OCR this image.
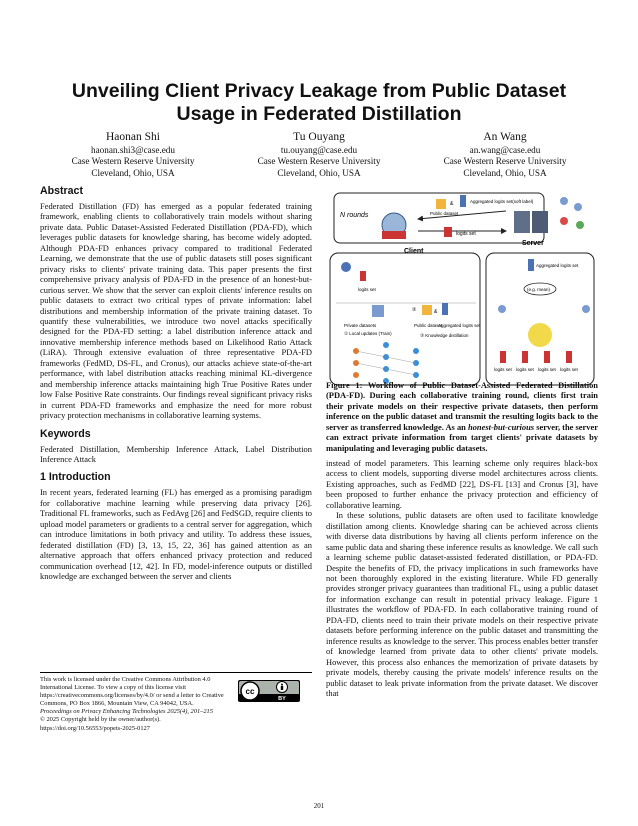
Unveiling Client Privacy Leakage from Public Dataset Usage in Federated Distillation
Haonan Shi
haonan.shi3@case.edu
Case Western Reserve University
Cleveland, Ohio, USA
Tu Ouyang
tu.ouyang@case.edu
Case Western Reserve University
Cleveland, Ohio, USA
An Wang
an.wang@case.edu
Case Western Reserve University
Cleveland, Ohio, USA
Abstract

Federated Distillation (FD) has emerged as a popular federated training framework, enabling clients to collaboratively train models without sharing private data. Public Dataset-Assisted Federated Distillation (PDA-FD), which leverages public datasets for knowledge sharing, has become widely adopted. Although PDA-FD enhances privacy compared to traditional Federated Learning, we demonstrate that the use of public datasets still poses significant privacy risks to clients' private training data. This paper presents the first comprehensive privacy analysis of PDA-FD in the presence of an honest-but-curious server. We show that the server can exploit clients' inference results on public datasets to extract two critical types of private information: label distributions and membership information of the private training dataset. To quantify these vulnerabilities, we introduce two novel attacks specifically designed for the PDA-FD setting: a label distribution inference attack and innovative membership inference methods based on Likelihood Ratio Attack (LiRA). Through extensive evaluation of three representative PDA-FD frameworks (FedMD, DS-FL, and Cronus), our attacks achieve state-of-the-art performance, with label distribution attacks reaching minimal KL-divergence and membership inference attacks maintaining high True Positive Rates under low False Positive Rate constraints. Our findings reveal significant privacy risks in current PDA-FD frameworks and emphasize the need for more robust privacy protection mechanisms in collaborative learning systems.

Keywords

Federated Distillation, Membership Inference Attack, Label Distribution Inference Attack

1 Introduction

In recent years, federated learning (FL) has emerged as a promising paradigm for collaborative machine learning while preserving data privacy [26]. Traditional FL frameworks, such as FedAvg [26] and FedSGD, require clients to upload model parameters or gradients to a central server for aggregation, which can introduce limitations in both privacy and utility. To address these issues, federated distillation (FD) [3, 13, 15, 22, 36] has gained attention as an alternative approach that offers enhanced privacy protection and reduced communication overhead [12, 42]. In FD, model-inference outputs or distilled knowledge are exchanged between the server and clients

This work is licensed under the Creative Commons Attribution 4.0 International License. To view a copy of this license visit https://creativecommons.org/licenses/by/4.0/ or send a letter to Creative Commons, PO Box 1866, Mountain View, CA 94042, USA.
Proceedings on Privacy Enhancing Technologies 2025(4), 201–215
© 2025 Copyright held by the owner/author(s).
https://doi.org/10.56553/popets-2025-0127
cc
BY
N rounds
Client
Public dataset
&	Aggregated logits set(soft label)
logits set
Server
logits set
Private datasets
① Local updates (Train)
②	&
Public dataset
Aggregated logits set
③ Knowledge distillation
Aggregated logits set
(e.g. mean)
logits set logits set logits set logits set
Figure 1: Workflow of Public Dataset-Assisted Federated Distillation (PDA-FD). During each collaborative training round, clients first train their private models on their respective private datasets, then perform inference on the public dataset and transmit the resulting logits back to the server as transferred knowledge. As an honest-but-curious server, the server can extract private information from target clients' private datasets by manipulating and leveraging public datasets.

instead of model parameters. This learning scheme only requires black-box access to client models, supporting diverse model architectures across clients. Existing approaches, such as FedMD [22], DS-FL [13] and Cronus [3], have been proposed to further enhance the privacy protection and efficiency of collaborative learning.

In these solutions, public datasets are often used to facilitate knowledge distillation among clients. Knowledge sharing can be achieved across clients with diverse data distributions by having all clients perform inference on the same public data and sharing these inference results as knowledge. We call such a learning scheme public dataset-assisted federated distillation, or PDA-FD. Despite the benefits of FD, the privacy implications in such frameworks have not been thoroughly explored in the existing literature. While FD generally provides stronger privacy guarantees than traditional FL, using a public dataset for information exchange can result in potential privacy leakage. Figure 1 illustrates the workflow of PDA-FD. In each collaborative training round of PDA-FD, clients need to train their private models on their respective private datasets before performing inference on the public dataset and transmitting the inference results as knowledge to the server. This process enables better transfer of knowledge learned from private data to other clients' private models. However, this process also enhances the memorization of private datasets by private models, thereby causing the private models' inference results on the public dataset to leak private information from the private dataset. We discover that

201
